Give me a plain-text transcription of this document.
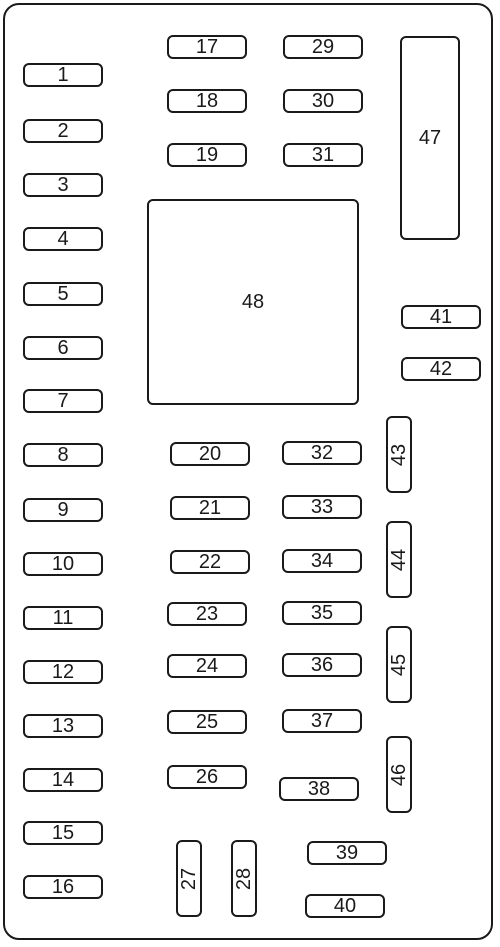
1
2
3
4
5
6
7
8
9
10
11
12
13
14
15
16
17
18
19
29
30
31
47
48
41
42
20
21
22
23
24
25
26
32
33
34
35
36
37
38
43
44
45
46
27 28
39
40
